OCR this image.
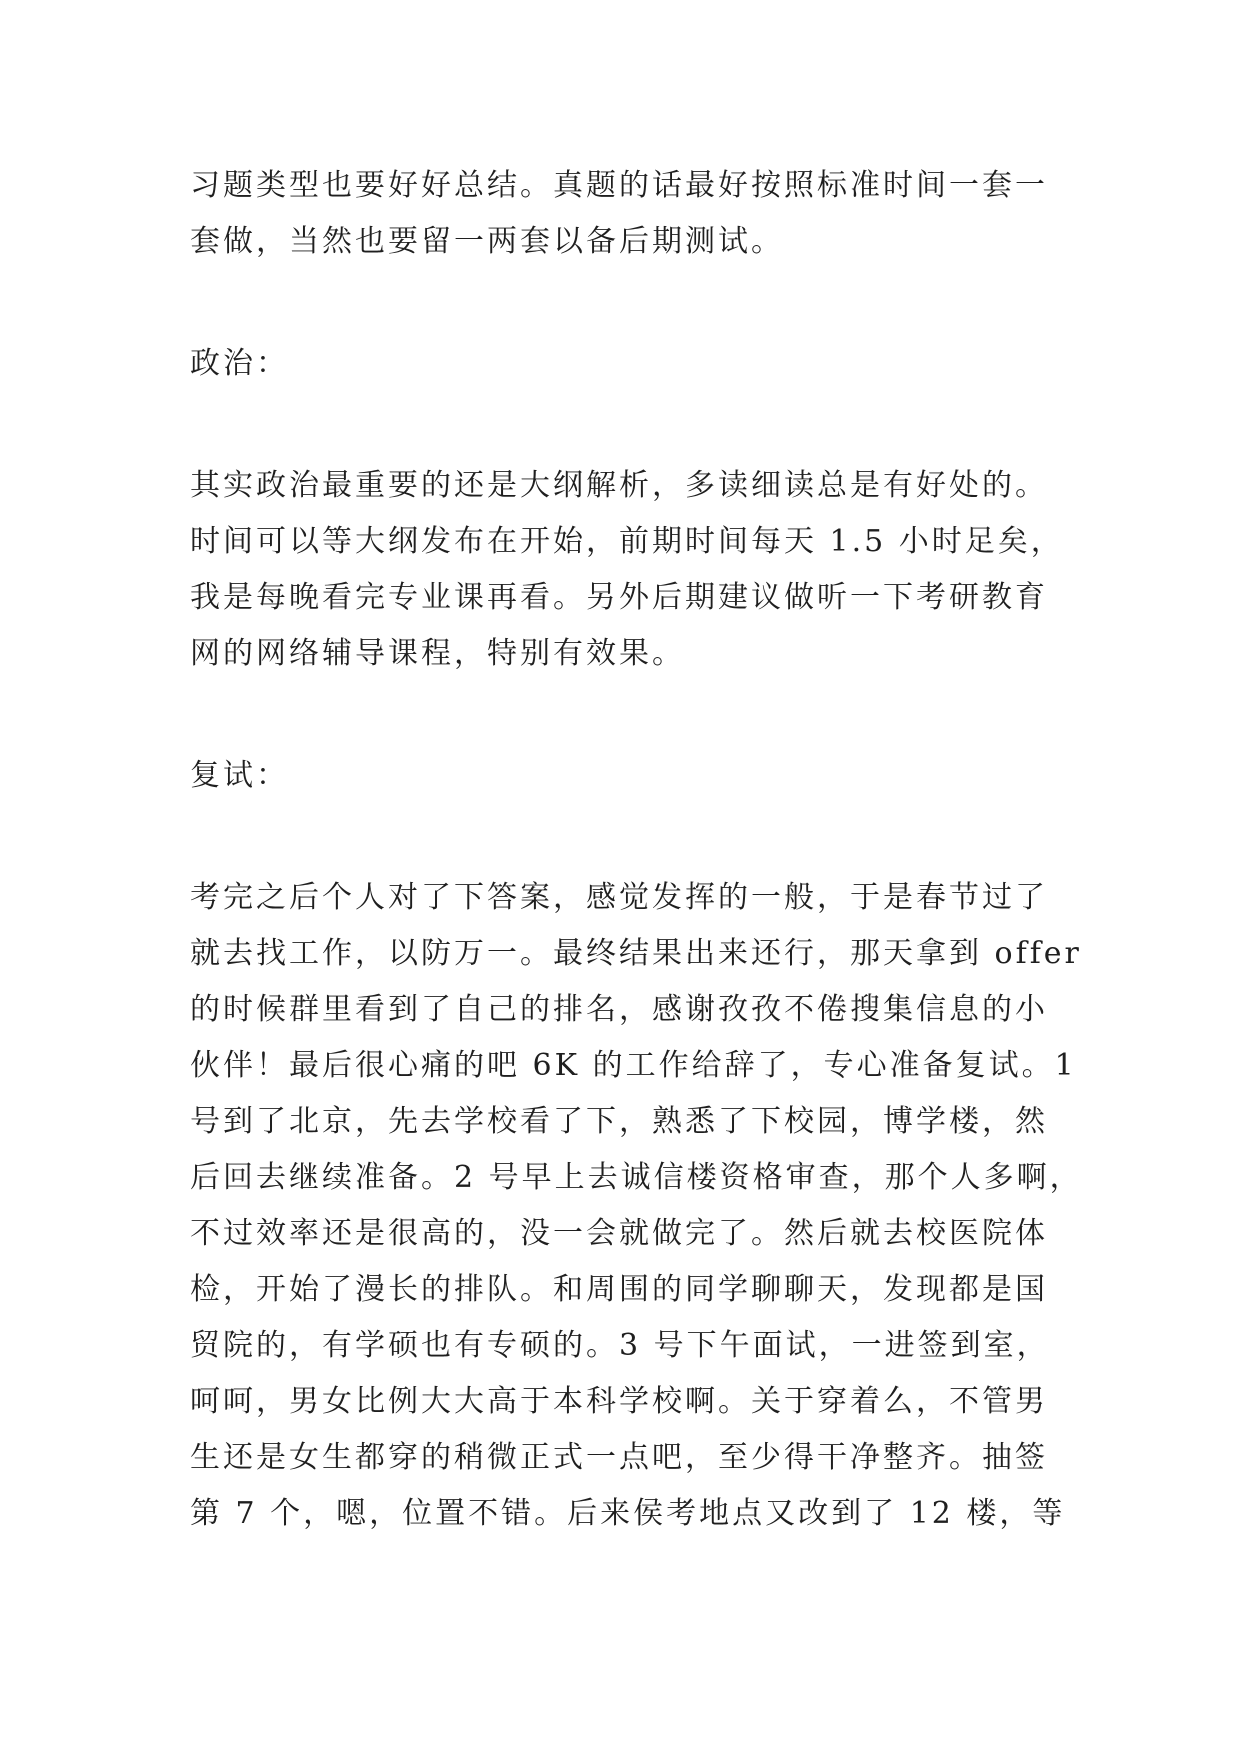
习题类型也要好好总结。真题的话最好按照标准时间一套一
套做，当然也要留一两套以备后期测试。
政治：
其实政治最重要的还是大纲解析，多读细读总是有好处的。
时间可以等大纲发布在开始，前期时间每天 1.5 小时足矣，
我是每晚看完专业课再看。另外后期建议做听一下考研教育
网的网络辅导课程，特别有效果。
复试：
考完之后个人对了下答案，感觉发挥的一般，于是春节过了
就去找工作，以防万一。最终结果出来还行，那天拿到 offer
的时候群里看到了自己的排名，感谢孜孜不倦搜集信息的小
伙伴！最后很心痛的吧 6K 的工作给辞了，专心准备复试。1
号到了北京，先去学校看了下，熟悉了下校园，博学楼，然
后回去继续准备。2 号早上去诚信楼资格审查，那个人多啊，
不过效率还是很高的，没一会就做完了。然后就去校医院体
检，开始了漫长的排队。和周围的同学聊聊天，发现都是国
贸院的，有学硕也有专硕的。3 号下午面试，一进签到室，
呵呵，男女比例大大高于本科学校啊。关于穿着么，不管男
生还是女生都穿的稍微正式一点吧，至少得干净整齐。抽签
第 7 个，嗯，位置不错。后来侯考地点又改到了 12 楼，等
